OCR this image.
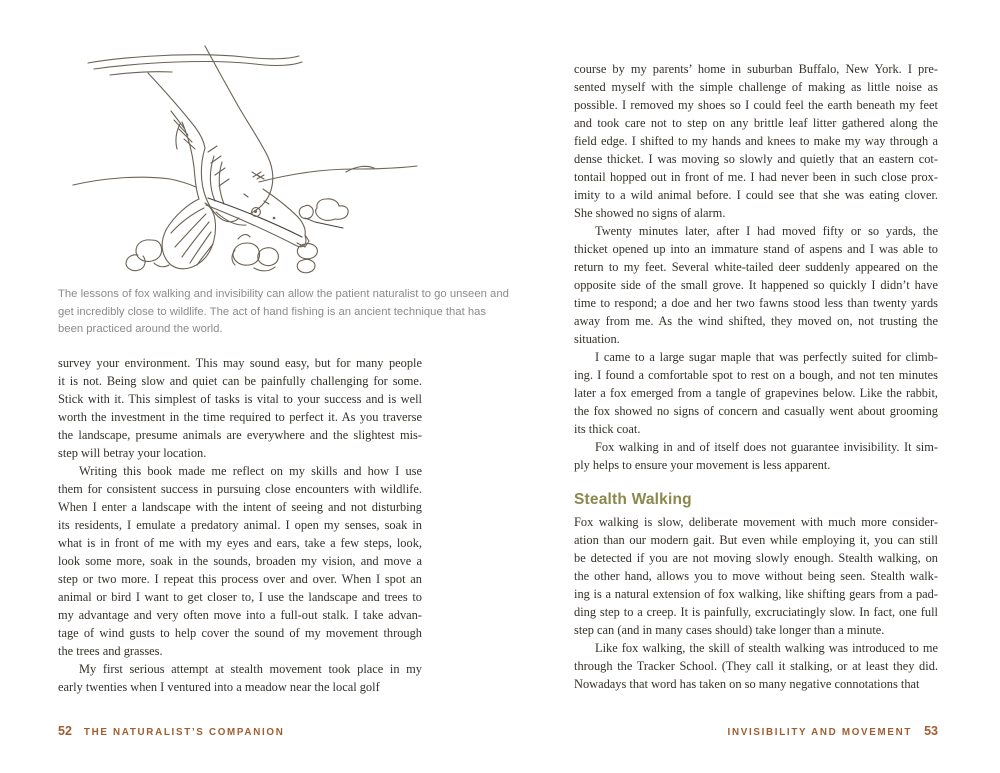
The lessons of fox walking and invisibility can allow the patient naturalist to go unseen and
get incredibly close to wildlife. The act of hand fishing is an ancient technique that has
been practiced around the world.
survey your environment. This may sound easy, but for many people
it is not. Being slow and quiet can be painfully challenging for some.
Stick with it. This simplest of tasks is vital to your success and is well
worth the investment in the time required to perfect it. As you traverse
the landscape, presume animals are everywhere and the slightest mis-
step will betray your location.
Writing this book made me reflect on my skills and how I use
them for consistent success in pursuing close encounters with wildlife.
When I enter a landscape with the intent of seeing and not disturbing
its residents, I emulate a predatory animal. I open my senses, soak in
what is in front of me with my eyes and ears, take a few steps, look,
look some more, soak in the sounds, broaden my vision, and move a
step or two more. I repeat this process over and over. When I spot an
animal or bird I want to get closer to, I use the landscape and trees to
my advantage and very often move into a full-out stalk. I take advan-
tage of wind gusts to help cover the sound of my movement through
the trees and grasses.
My first serious attempt at stealth movement took place in my
early twenties when I ventured into a meadow near the local golf
course by my parents’ home in suburban Buffalo, New York. I pre-
sented myself with the simple challenge of making as little noise as
possible. I removed my shoes so I could feel the earth beneath my feet
and took care not to step on any brittle leaf litter gathered along the
field edge. I shifted to my hands and knees to make my way through a
dense thicket. I was moving so slowly and quietly that an eastern cot-
tontail hopped out in front of me. I had never been in such close prox-
imity to a wild animal before. I could see that she was eating clover.
She showed no signs of alarm.
Twenty minutes later, after I had moved fifty or so yards, the
thicket opened up into an immature stand of aspens and I was able to
return to my feet. Several white-tailed deer suddenly appeared on the
opposite side of the small grove. It happened so quickly I didn’t have
time to respond; a doe and her two fawns stood less than twenty yards
away from me. As the wind shifted, they moved on, not trusting the
situation.
I came to a large sugar maple that was perfectly suited for climb-
ing. I found a comfortable spot to rest on a bough, and not ten minutes
later a fox emerged from a tangle of grapevines below. Like the rabbit,
the fox showed no signs of concern and casually went about grooming
its thick coat.
Fox walking in and of itself does not guarantee invisibility. It sim-
ply helps to ensure your movement is less apparent.
Stealth Walking
Fox walking is slow, deliberate movement with much more consider-
ation than our modern gait. But even while employing it, you can still
be detected if you are not moving slowly enough. Stealth walking, on
the other hand, allows you to move without being seen. Stealth walk-
ing is a natural extension of fox walking, like shifting gears from a pad-
ding step to a creep. It is painfully, excruciatingly slow. In fact, one full
step can (and in many cases should) take longer than a minute.
Like fox walking, the skill of stealth walking was introduced to me
through the Tracker School. (They call it stalking, or at least they did.
Nowadays that word has taken on so many negative connotations that
52 THE NATURALIST’S COMPANION	INVISIBILITY AND MOVEMENT 53
